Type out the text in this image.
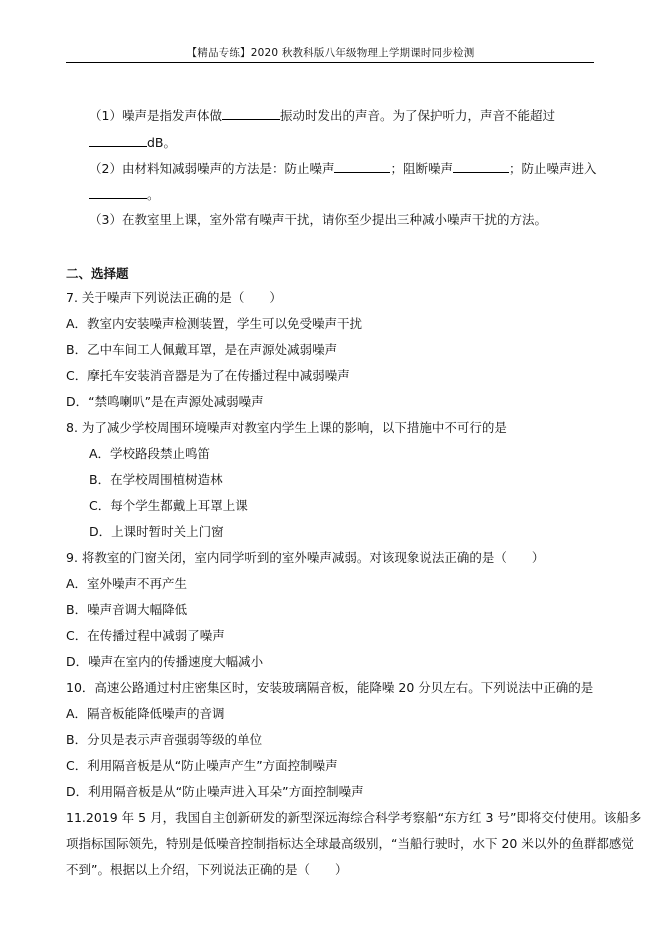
【精品专练】2020 秋教科版八年级物理上学期课时同步检测
（1）噪声是指发声体做	振动时发出的声音。为了保护听力，声音不能超过
dB。
（2）由材料知减弱噪声的方法是：防止噪声	；阻断噪声	；防止噪声进入
。
（3）在教室里上课，室外常有噪声干扰，请你至少提出三种减小噪声干扰的方法。
二、选择题
7. 关于噪声下列说法正确的是（　　）
A．教室内安装噪声检测装置，学生可以免受噪声干扰
B．乙中车间工人佩戴耳罩，是在声源处减弱噪声
C．摩托车安装消音器是为了在传播过程中减弱噪声
D．“禁鸣喇叭”是在声源处减弱噪声
8. 为了减少学校周围环境噪声对教室内学生上课的影响，以下措施中不可行的是
A．学校路段禁止鸣笛
B．在学校周围植树造林
C．每个学生都戴上耳罩上课
D．上课时暂时关上门窗
9. 将教室的门窗关闭，室内同学听到的室外噪声减弱。对该现象说法正确的是（　　）
A．室外噪声不再产生
B．噪声音调大幅降低
C．在传播过程中减弱了噪声
D．噪声在室内的传播速度大幅减小
10．高速公路通过村庄密集区时，安装玻璃隔音板，能降噪 20 分贝左右。下列说法中正确的是
A．隔音板能降低噪声的音调
B．分贝是表示声音强弱等级的单位
C．利用隔音板是从“防止噪声产生”方面控制噪声
D．利用隔音板是从“防止噪声进入耳朵”方面控制噪声
11.2019 年 5 月，我国自主创新研发的新型深远海综合科学考察船“东方红 3 号”即将交付使用。该船多
项指标国际领先，特别是低噪音控制指标达全球最高级别，“当船行驶时，水下 20 米以外的鱼群都感觉
不到”。根据以上介绍，下列说法正确的是（　　）
